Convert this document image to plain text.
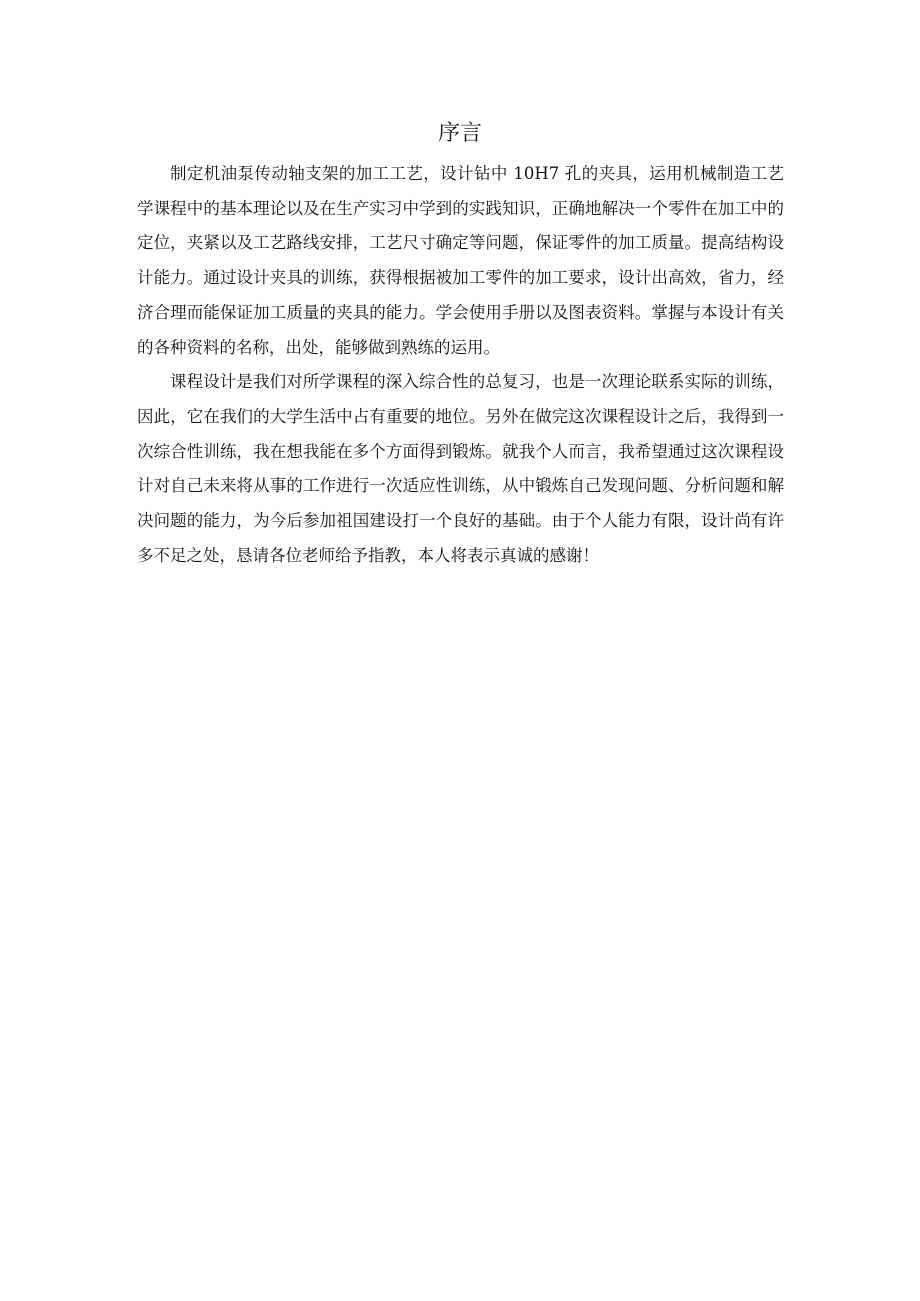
序言

制定机油泵传动轴支架的加工工艺，设计钻中 10H7 孔的夹具，运用机械制造工艺学课程中的基本理论以及在生产实习中学到的实践知识，正确地解决一个零件在加工中的定位，夹紧以及工艺路线安排，工艺尺寸确定等问题，保证零件的加工质量。提高结构设计能力。通过设计夹具的训练，获得根据被加工零件的加工要求，设计出高效，省力，经济合理而能保证加工质量的夹具的能力。学会使用手册以及图表资料。掌握与本设计有关的各种资料的名称，出处，能够做到熟练的运用。

课程设计是我们对所学课程的深入综合性的总复习，也是一次理论联系实际的训练，因此，它在我们的大学生活中占有重要的地位。另外在做完这次课程设计之后，我得到一次综合性训练，我在想我能在多个方面得到锻炼。就我个人而言，我希望通过这次课程设计对自己未来将从事的工作进行一次适应性训练，从中锻炼自己发现问题、分析问题和解决问题的能力，为今后参加祖国建设打一个良好的基础。由于个人能力有限，设计尚有许多不足之处，恳请各位老师给予指教，本人将表示真诚的感谢！
